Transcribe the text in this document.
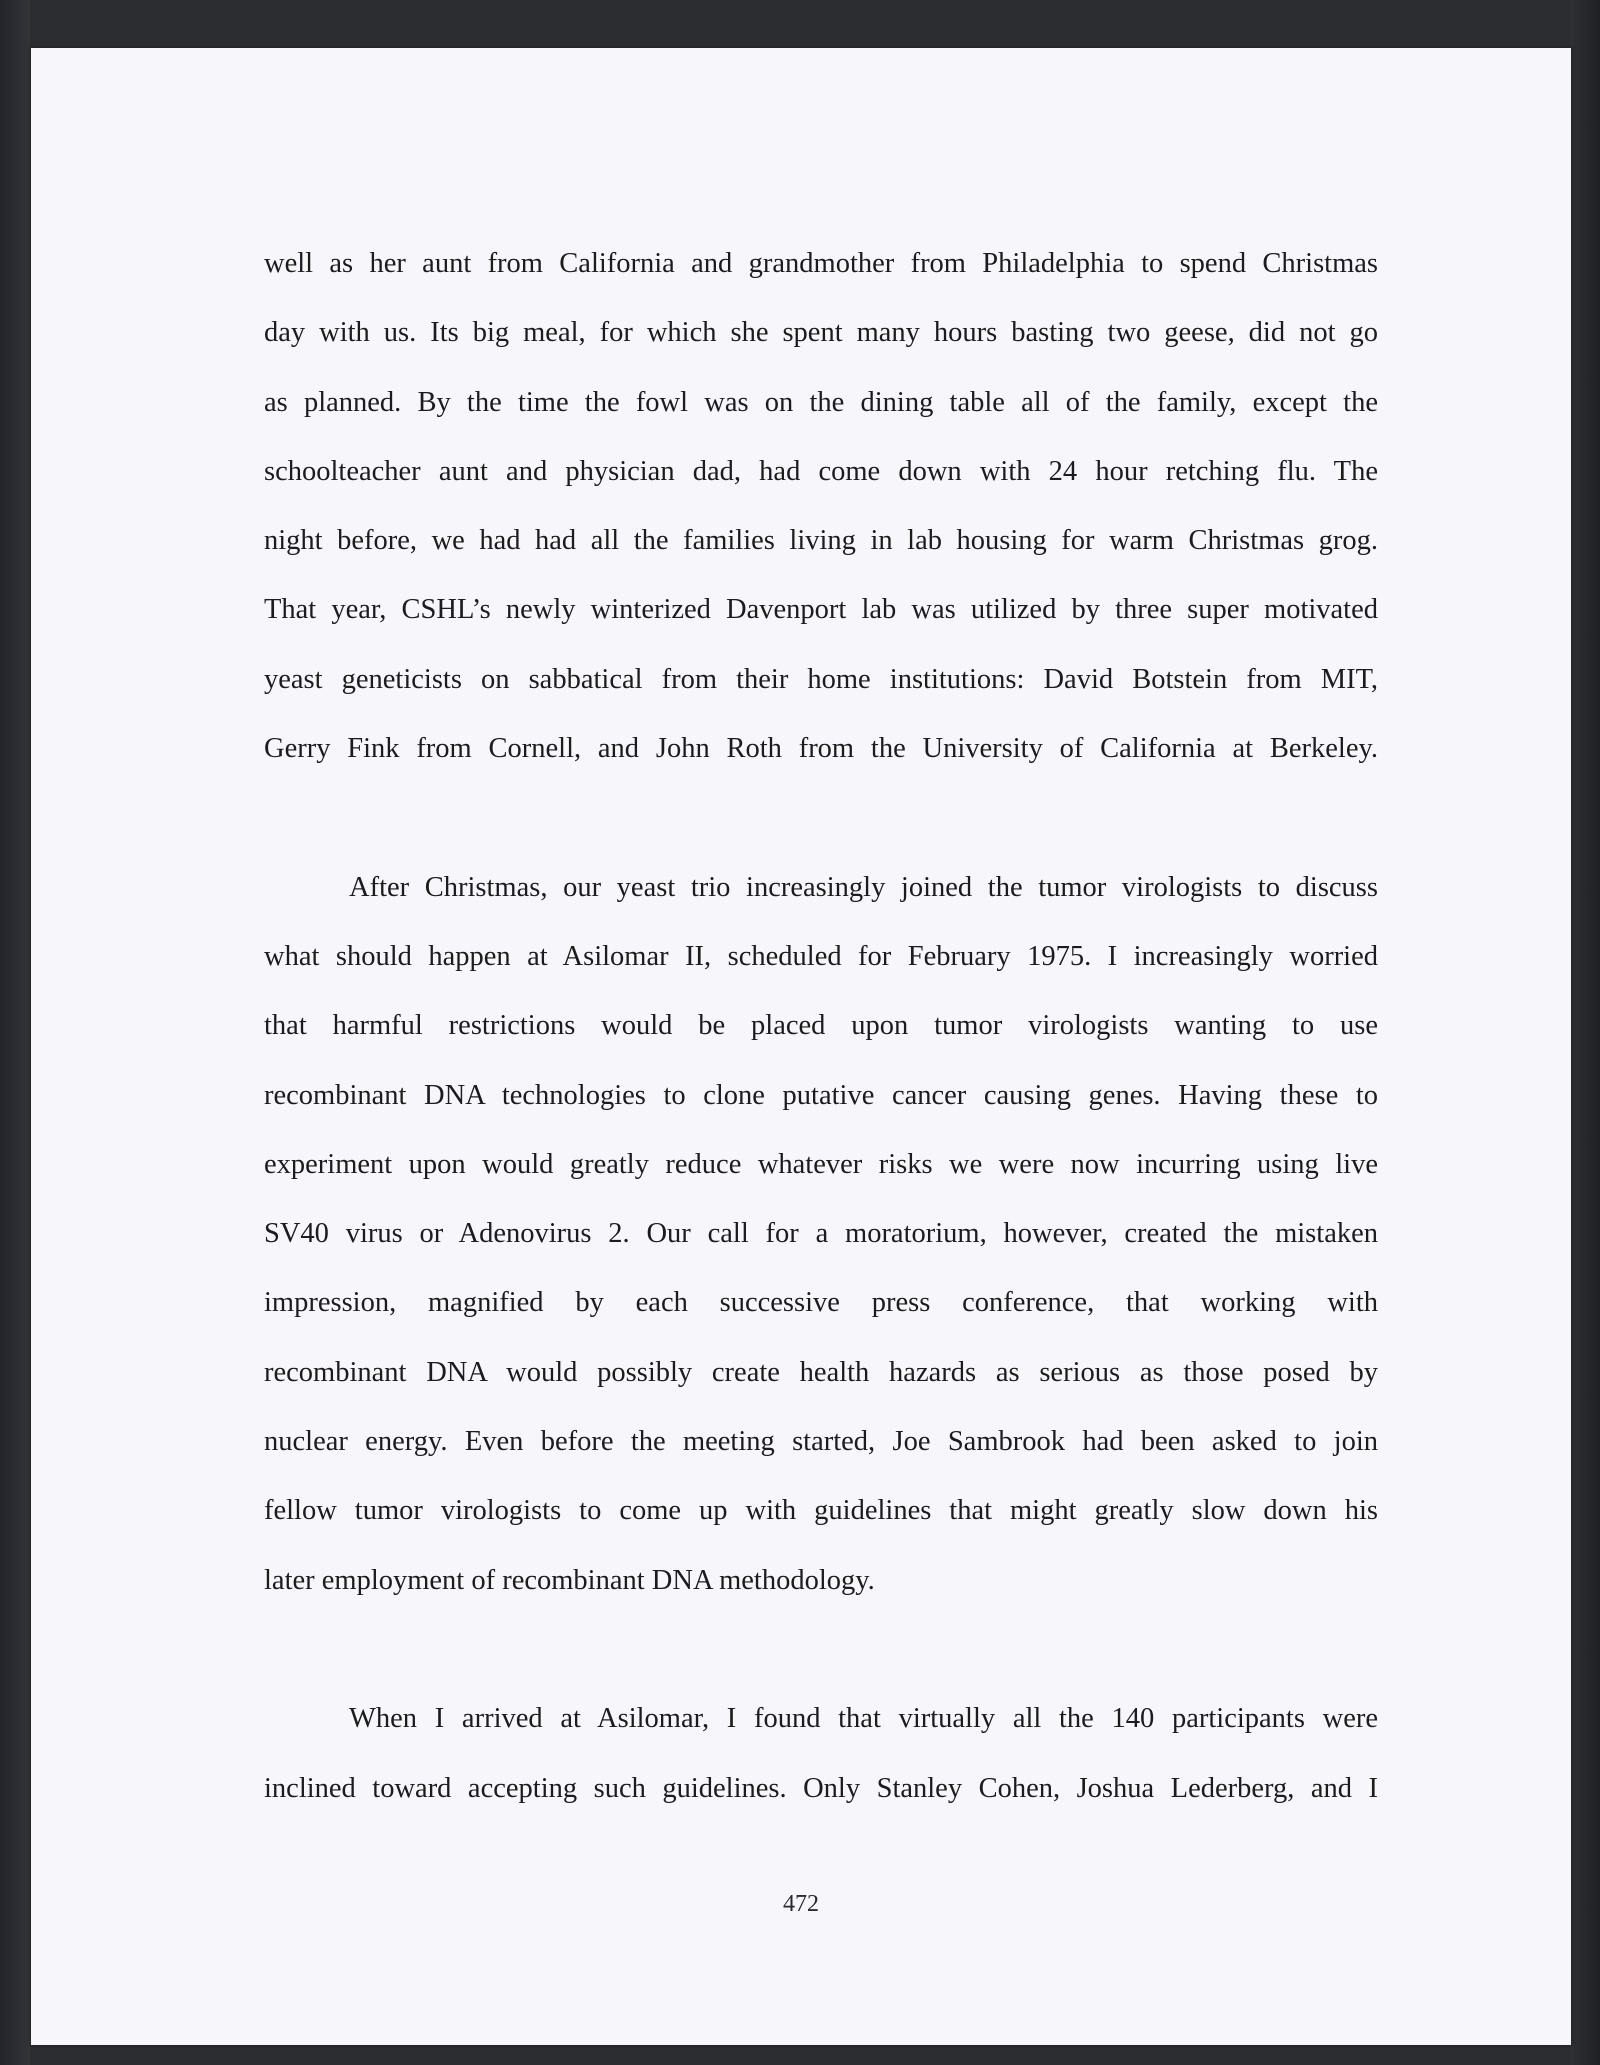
well as her aunt from California and grandmother from Philadelphia to spend Christmas
day with us. Its big meal, for which she spent many hours basting two geese, did not go
as planned. By the time the fowl was on the dining table all of the family, except the
schoolteacher aunt and physician dad, had come down with 24 hour retching flu. The
night before, we had had all the families living in lab housing for warm Christmas grog.
That year, CSHL’s newly winterized Davenport lab was utilized by three super motivated
yeast geneticists on sabbatical from their home institutions: David Botstein from MIT,
Gerry Fink from Cornell, and John Roth from the University of California at Berkeley.
After Christmas, our yeast trio increasingly joined the tumor virologists to discuss
what should happen at Asilomar II, scheduled for February 1975. I increasingly worried
that harmful restrictions would be placed upon tumor virologists wanting to use
recombinant DNA technologies to clone putative cancer causing genes. Having these to
experiment upon would greatly reduce whatever risks we were now incurring using live
SV40 virus or Adenovirus 2. Our call for a moratorium, however, created the mistaken
impression, magnified by each successive press conference, that working with
recombinant DNA would possibly create health hazards as serious as those posed by
nuclear energy. Even before the meeting started, Joe Sambrook had been asked to join
fellow tumor virologists to come up with guidelines that might greatly slow down his
later employment of recombinant DNA methodology.
When I arrived at Asilomar, I found that virtually all the 140 participants were
inclined toward accepting such guidelines. Only Stanley Cohen, Joshua Lederberg, and I
472
